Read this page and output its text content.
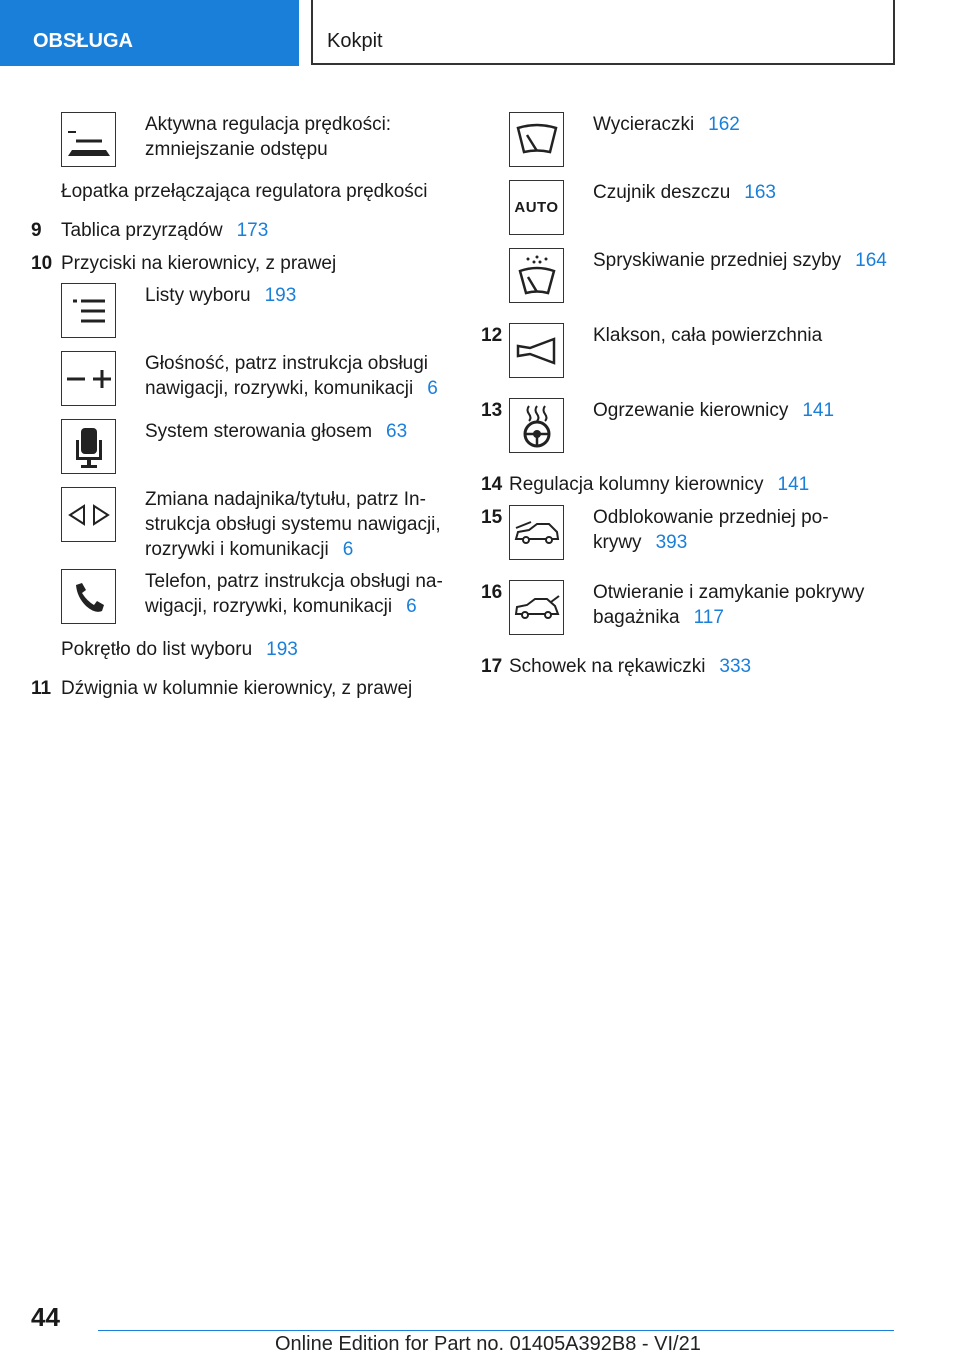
OBSŁUGA	Kokpit
Aktywna regulacja prędkości: zmniejszanie odstępu
Łopatka przełączająca regulatora prędkości
9 Tablica przyrządów 173
10 Przyciski na kierownicy, z prawej
Listy wyboru 193
Głośność, patrz instrukcja obsługi
nawigacji, rozrywki, komunikacji 6
System sterowania głosem 63
Zmiana nadajnika/tytułu, patrz In-
strukcja obsługi systemu nawigacji,
rozrywki i komunikacji 6
Telefon, patrz instrukcja obsługi na-
wigacji, rozrywki, komunikacji 6
Pokrętło do list wyboru 193
11 Dźwignia w kolumnie kierownicy, z prawej
Wycieraczki 162
AUTO
Czujnik deszczu 163
Spryskiwanie przedniej szyby 164
12	Klakson, cała powierzchnia
13	Ogrzewanie kierownicy 141
14 Regulacja kolumny kierownicy 141
15	Odblokowanie przedniej po-
krywy 393
16	Otwieranie i zamykanie pokrywy
bagażnika 117
17 Schowek na rękawiczki 333
44
Online Edition for Part no. 01405A392B8 - VI/21
